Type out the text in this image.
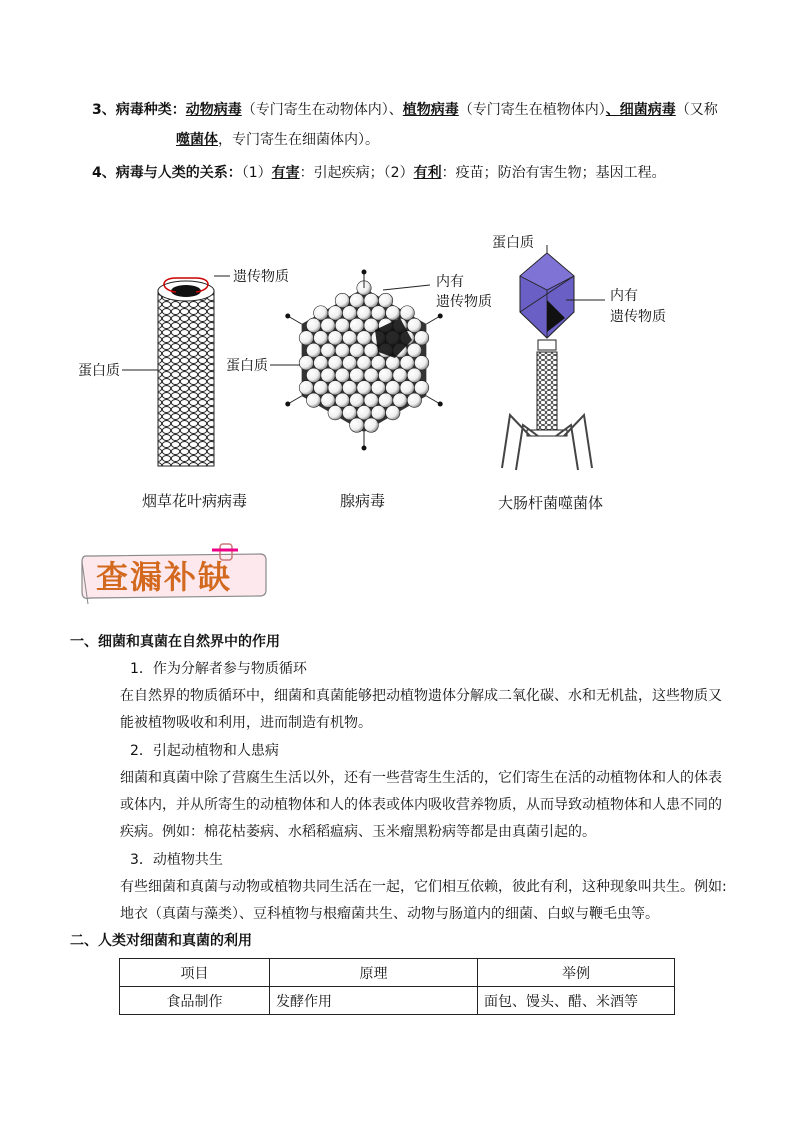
3、病毒种类：动物病毒（专门寄生在动物体内）、植物病毒（专门寄生在植物体内）、细菌病毒（又称
噬菌体，专门寄生在细菌体内）。
4、病毒与人类的关系：（1）有害：引起疾病；（2）有利：疫苗；防治有害生物；基因工程。
遗传物质
蛋白质
烟草花叶病病毒
内有
遗传物质
蛋白质
腺病毒
蛋白质
内有
遗传物质
大肠杆菌噬菌体
查漏补缺
一、细菌和真菌在自然界中的作用
1．作为分解者参与物质循环
在自然界的物质循环中，细菌和真菌能够把动植物遗体分解成二氧化碳、水和无机盐，这些物质又
能被植物吸收和利用，进而制造有机物。
2．引起动植物和人患病
细菌和真菌中除了营腐生生活以外，还有一些营寄生生活的，它们寄生在活的动植物体和人的体表
或体内，并从所寄生的动植物体和人的体表或体内吸收营养物质，从而导致动植物体和人患不同的
疾病。例如：棉花枯萎病、水稻稻瘟病、玉米瘤黑粉病等都是由真菌引起的。
3．动植物共生
有些细菌和真菌与动物或植物共同生活在一起，它们相互依赖，彼此有利，这种现象叫共生。例如:
地衣（真菌与藻类）、豆科植物与根瘤菌共生、动物与肠道内的细菌、白蚁与鞭毛虫等。
二、人类对细菌和真菌的利用
项目	原理	举例
食品制作	发酵作用	面包、馒头、醋、米酒等
